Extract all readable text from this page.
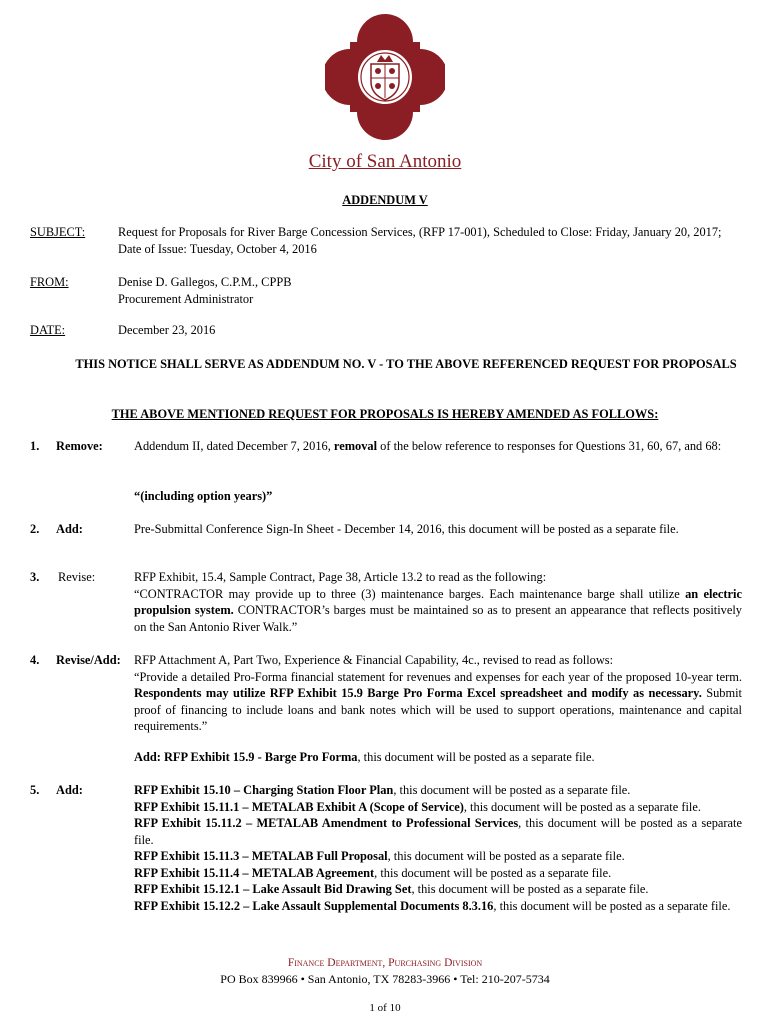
City of San Antonio
ADDENDUM V
SUBJECT:	Request for Proposals for River Barge Concession Services, (RFP 17-001), Scheduled to Close: Friday, January 20, 2017; Date of Issue: Tuesday, October 4, 2016
FROM:	Denise D. Gallegos, C.P.M., CPPB
Procurement Administrator
DATE:	December 23, 2016
THIS NOTICE SHALL SERVE AS ADDENDUM NO. V - TO THE ABOVE REFERENCED REQUEST FOR PROPOSALS
THE ABOVE MENTIONED REQUEST FOR PROPOSALS IS HEREBY AMENDED AS FOLLOWS:
1. Remove:	Addendum II, dated December 7, 2016, removal of the below reference to responses for Questions 31, 60, 67, and 68:

“(including option years)”
2. Add:	Pre-Submittal Conference Sign-In Sheet - December 14, 2016, this document will be posted as a separate file.
3. Revise:	RFP Exhibit, 15.4, Sample Contract, Page 38, Article 13.2 to read as the following:

“CONTRACTOR may provide up to three (3) maintenance barges. Each maintenance barge shall utilize an electric propulsion system. CONTRACTOR’s barges must be maintained so as to present an appearance that reflects positively on the San Antonio River Walk.”

4. Revise/Add: RFP Attachment A, Part Two, Experience & Financial Capability, 4c., revised to read as follows:

“Provide a detailed Pro-Forma financial statement for revenues and expenses for each year of the proposed 10-year term. Respondents may utilize RFP Exhibit 15.9 Barge Pro Forma Excel spreadsheet and modify as necessary. Submit proof of financing to include loans and bank notes which will be used to support operations, maintenance and capital requirements.”

Add: RFP Exhibit 15.9 - Barge Pro Forma, this document will be posted as a separate file.
5. Add:	RFP Exhibit 15.10 – Charging Station Floor Plan, this document will be posted as a separate file.

RFP Exhibit 15.11.1 – METALAB Exhibit A (Scope of Service), this document will be posted as a separate file.

RFP Exhibit 15.11.2 – METALAB Amendment to Professional Services, this document will be posted as a separate file.

RFP Exhibit 15.11.3 – METALAB Full Proposal, this document will be posted as a separate file.

RFP Exhibit 15.11.4 – METALAB Agreement, this document will be posted as a separate file.

RFP Exhibit 15.12.1 – Lake Assault Bid Drawing Set, this document will be posted as a separate file.

RFP Exhibit 15.12.2 – Lake Assault Supplemental Documents 8.3.16, this document will be posted as a separate file.

Finance Department, Purchasing Division
PO Box 839966 • San Antonio, TX 78283-3966 • Tel: 210-207-5734
1 of 10
